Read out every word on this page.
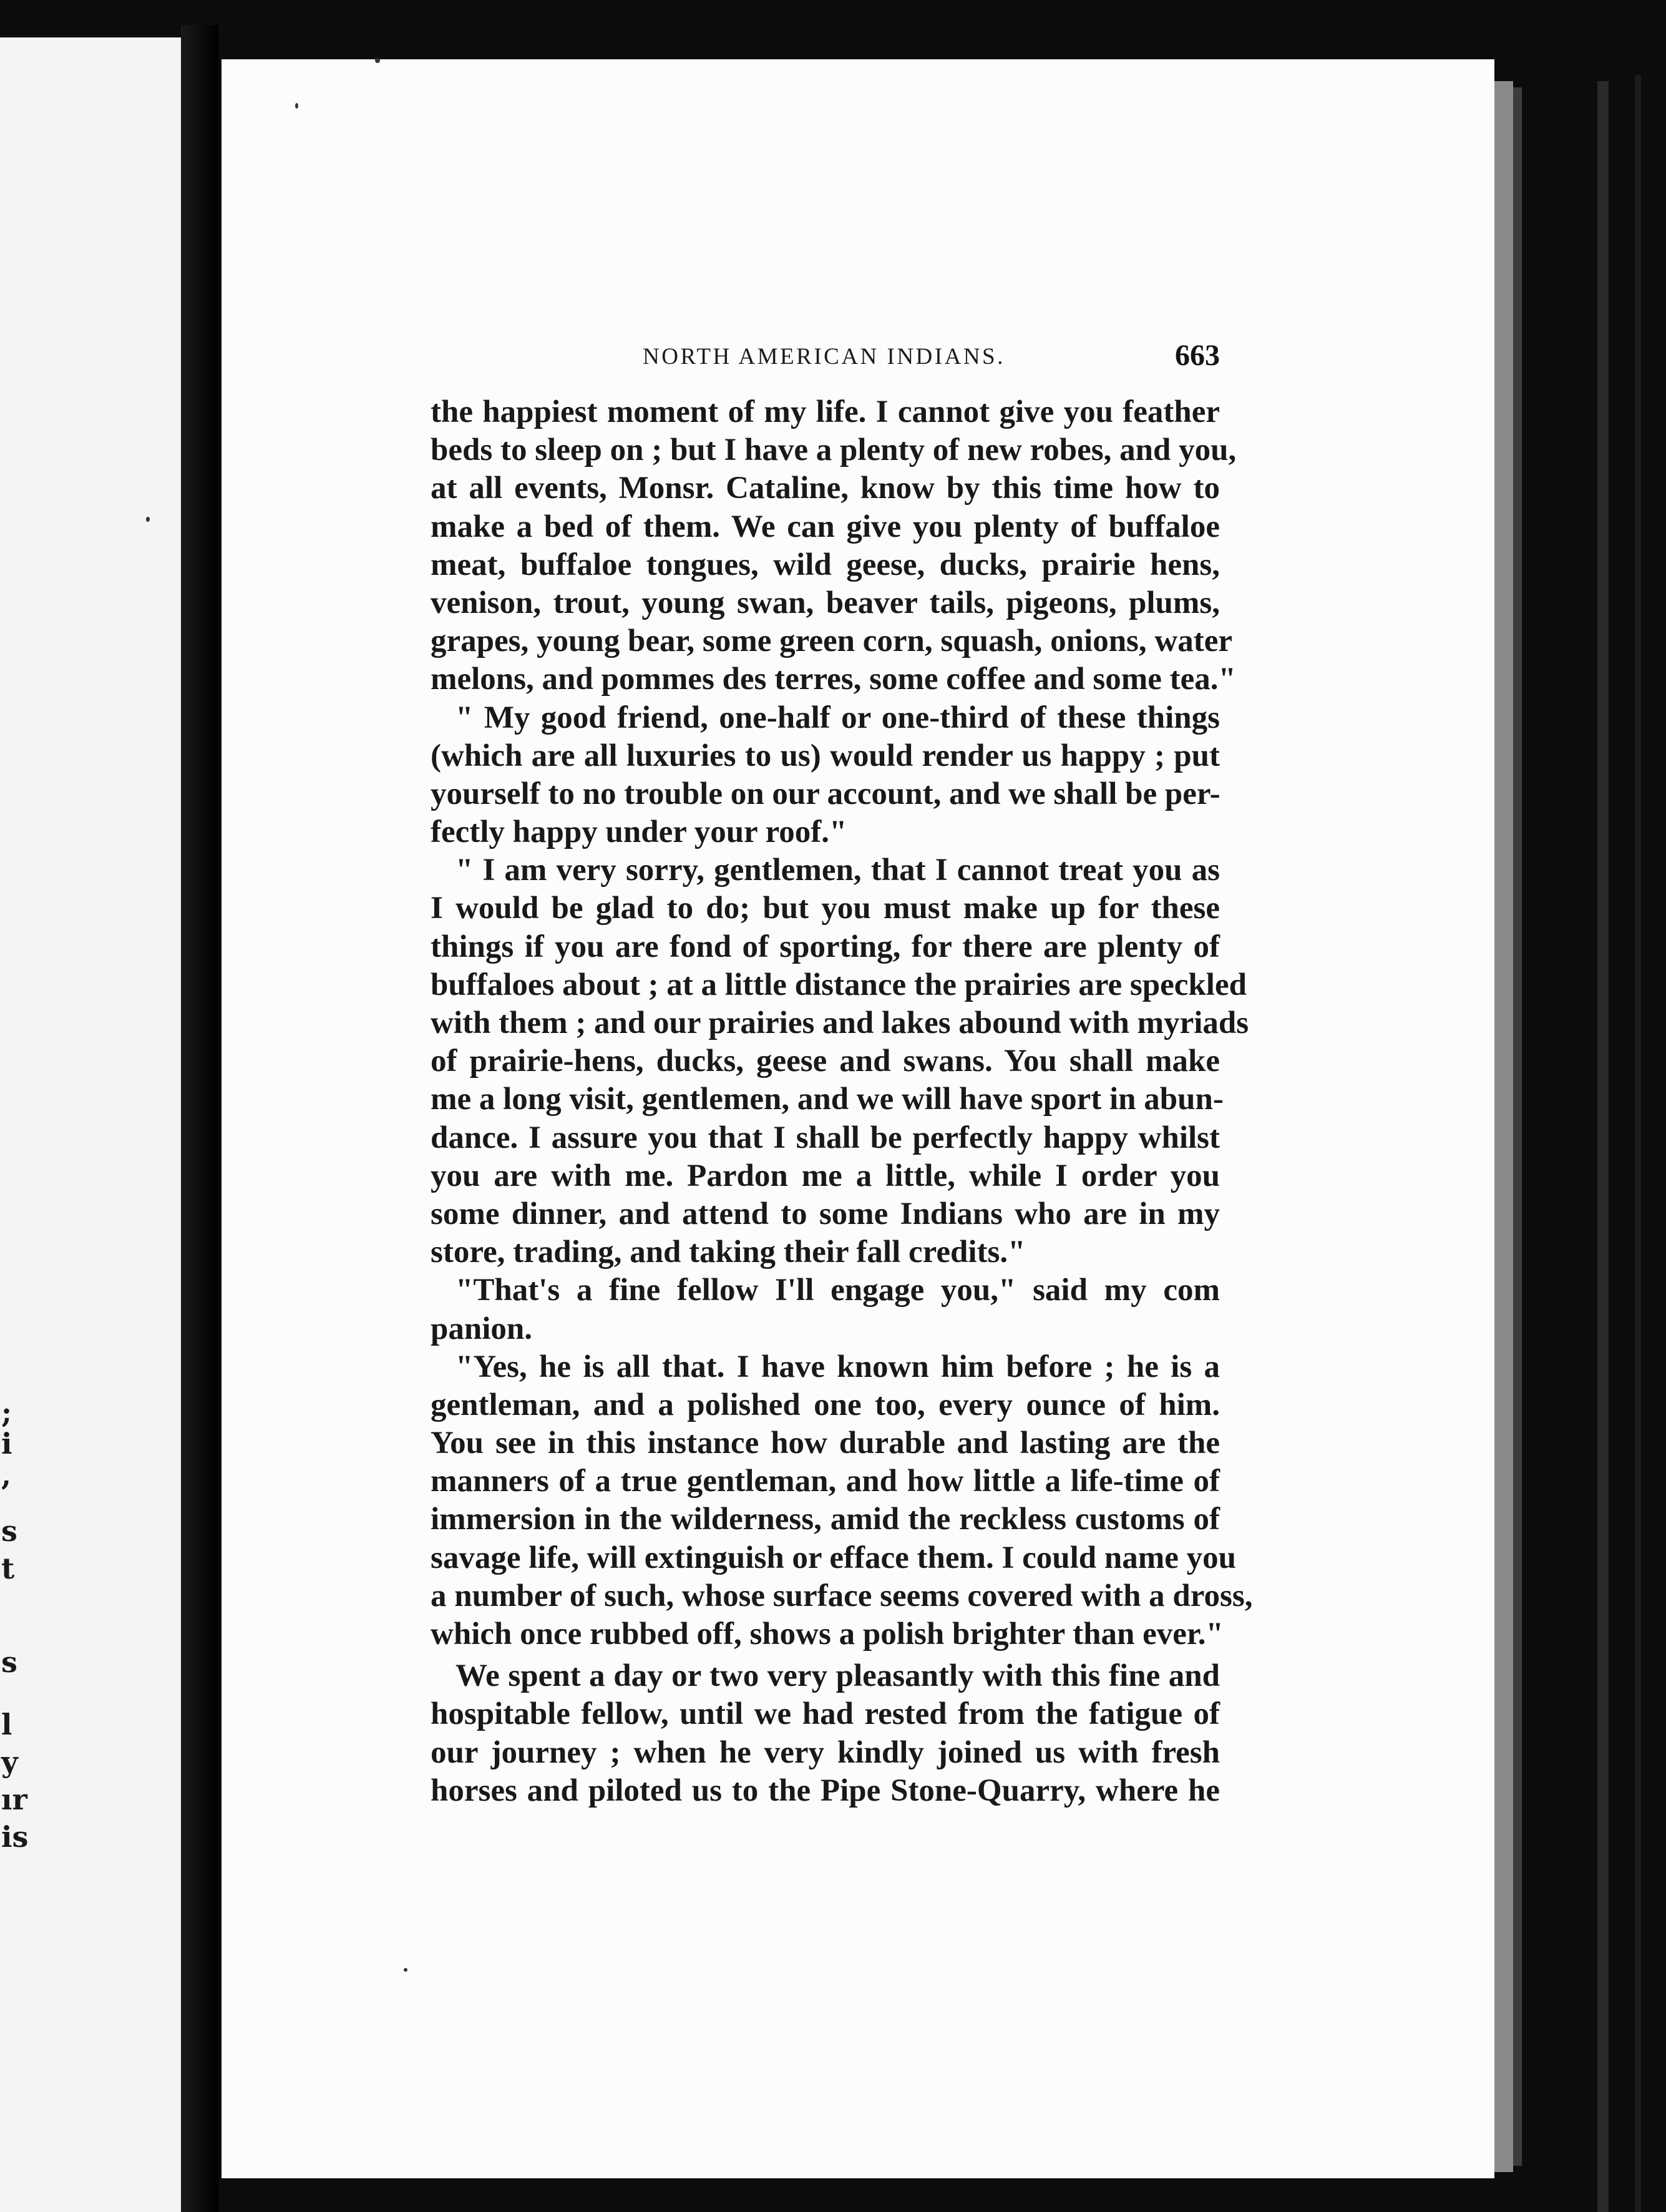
;
i
,
s
t
s
l
y
ır
is
NORTH AMERICAN INDIANS.	663
the happiest moment of my life. I cannot give you feather
beds to sleep on ; but I have a plenty of new robes, and you,
at all events, Monsr. Cataline, know by this time how to
make a bed of them. We can give you plenty of buffaloe
meat, buffaloe tongues, wild geese, ducks, prairie hens,
venison, trout, young swan, beaver tails, pigeons, plums,
grapes, young bear, some green corn, squash, onions, water
melons, and pommes des terres, some coffee and some tea."
" My good friend, one-half or one-third of these things
(which are all luxuries to us) would render us happy ; put
yourself to no trouble on our account, and we shall be per-
fectly happy under your roof."
" I am very sorry, gentlemen, that I cannot treat you as
I would be glad to do; but you must make up for these
things if you are fond of sporting, for there are plenty of
buffaloes about ; at a little distance the prairies are speckled
with them ; and our prairies and lakes abound with myriads
of prairie-hens, ducks, geese and swans. You shall make
me a long visit, gentlemen, and we will have sport in abun-
dance. I assure you that I shall be perfectly happy whilst
you are with me. Pardon me a little, while I order you
some dinner, and attend to some Indians who are in my
store, trading, and taking their fall credits."
"That's a fine fellow I'll engage you," said my com
panion.
"Yes, he is all that. I have known him before ; he is a
gentleman, and a polished one too, every ounce of him.
You see in this instance how durable and lasting are the
manners of a true gentleman, and how little a life-time of
immersion in the wilderness, amid the reckless customs of
savage life, will extinguish or efface them. I could name you
a number of such, whose surface seems covered with a dross,
which once rubbed off, shows a polish brighter than ever."
We spent a day or two very pleasantly with this fine and
hospitable fellow, until we had rested from the fatigue of
our journey ; when he very kindly joined us with fresh
horses and piloted us to the Pipe Stone-Quarry, where he
